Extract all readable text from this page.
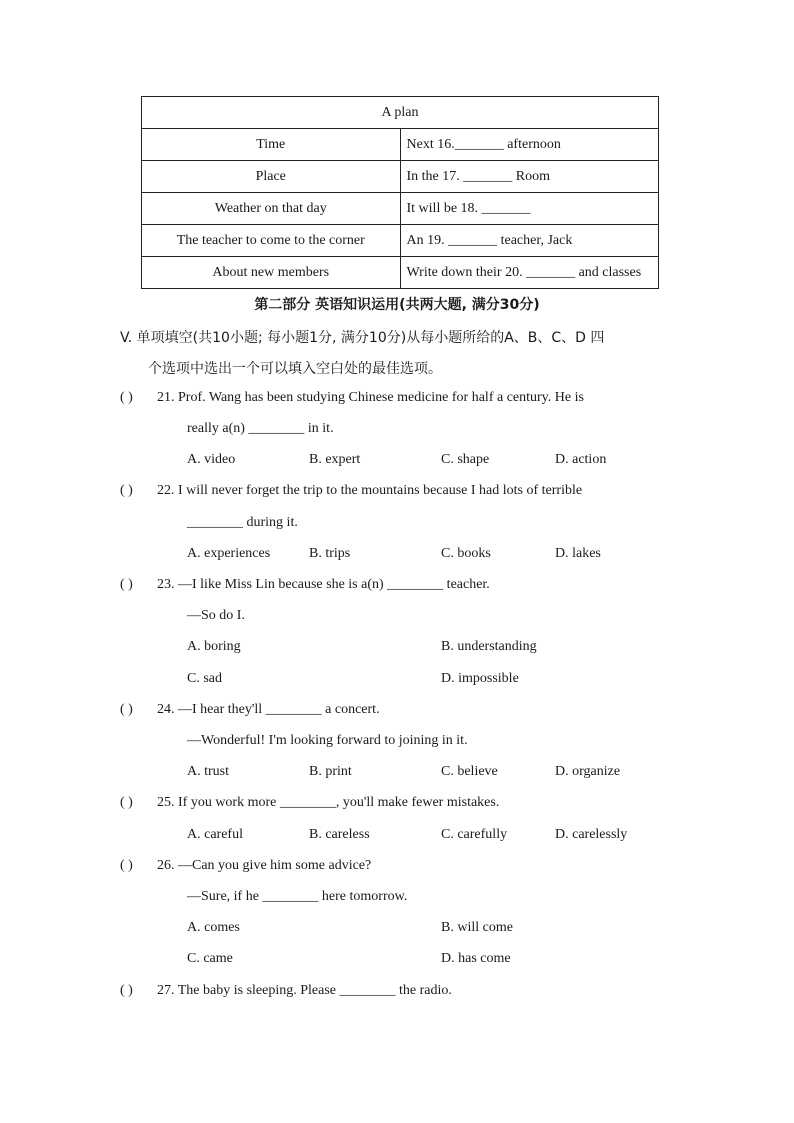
A plan	
Time	Next 16._______ afternoon
Place	In the 17. _______ Room
Weather on that day	It will be 18. _______
The teacher to come to the corner	An 19. _______ teacher, Jack
About new members	Write down their 20. _______ and classes
第二部分 英语知识运用(共两大题, 满分30分)
V. 单项填空(共10小题; 每小题1分, 满分10分)从每小题所给的A、B、C、D 四
个选项中选出一个可以填入空白处的最佳选项。
( ) 21. Prof. Wang has been studying Chinese medicine for half a century. He is
really a(n) ________ in it.
A. video	B. expert	C. shape	D. action
( ) 22. I will never forget the trip to the mountains because I had lots of terrible
________ during it.
A. experiences	B. trips	C. books	D. lakes
( ) 23. —I like Miss Lin because she is a(n) ________ teacher.
—So do I.
A. boring	B. understanding
C. sad	D. impossible
( ) 24. —I hear they'll ________ a concert.
—Wonderful! I'm looking forward to joining in it.
A. trust	B. print	C. believe	D. organize
( ) 25. If you work more ________, you'll make fewer mistakes.
A. careful	B. careless	C. carefully	D. carelessly
( ) 26. —Can you give him some advice?
—Sure, if he ________ here tomorrow.
A. comes	B. will come
C. came	D. has come
( ) 27. The baby is sleeping. Please ________ the radio.
